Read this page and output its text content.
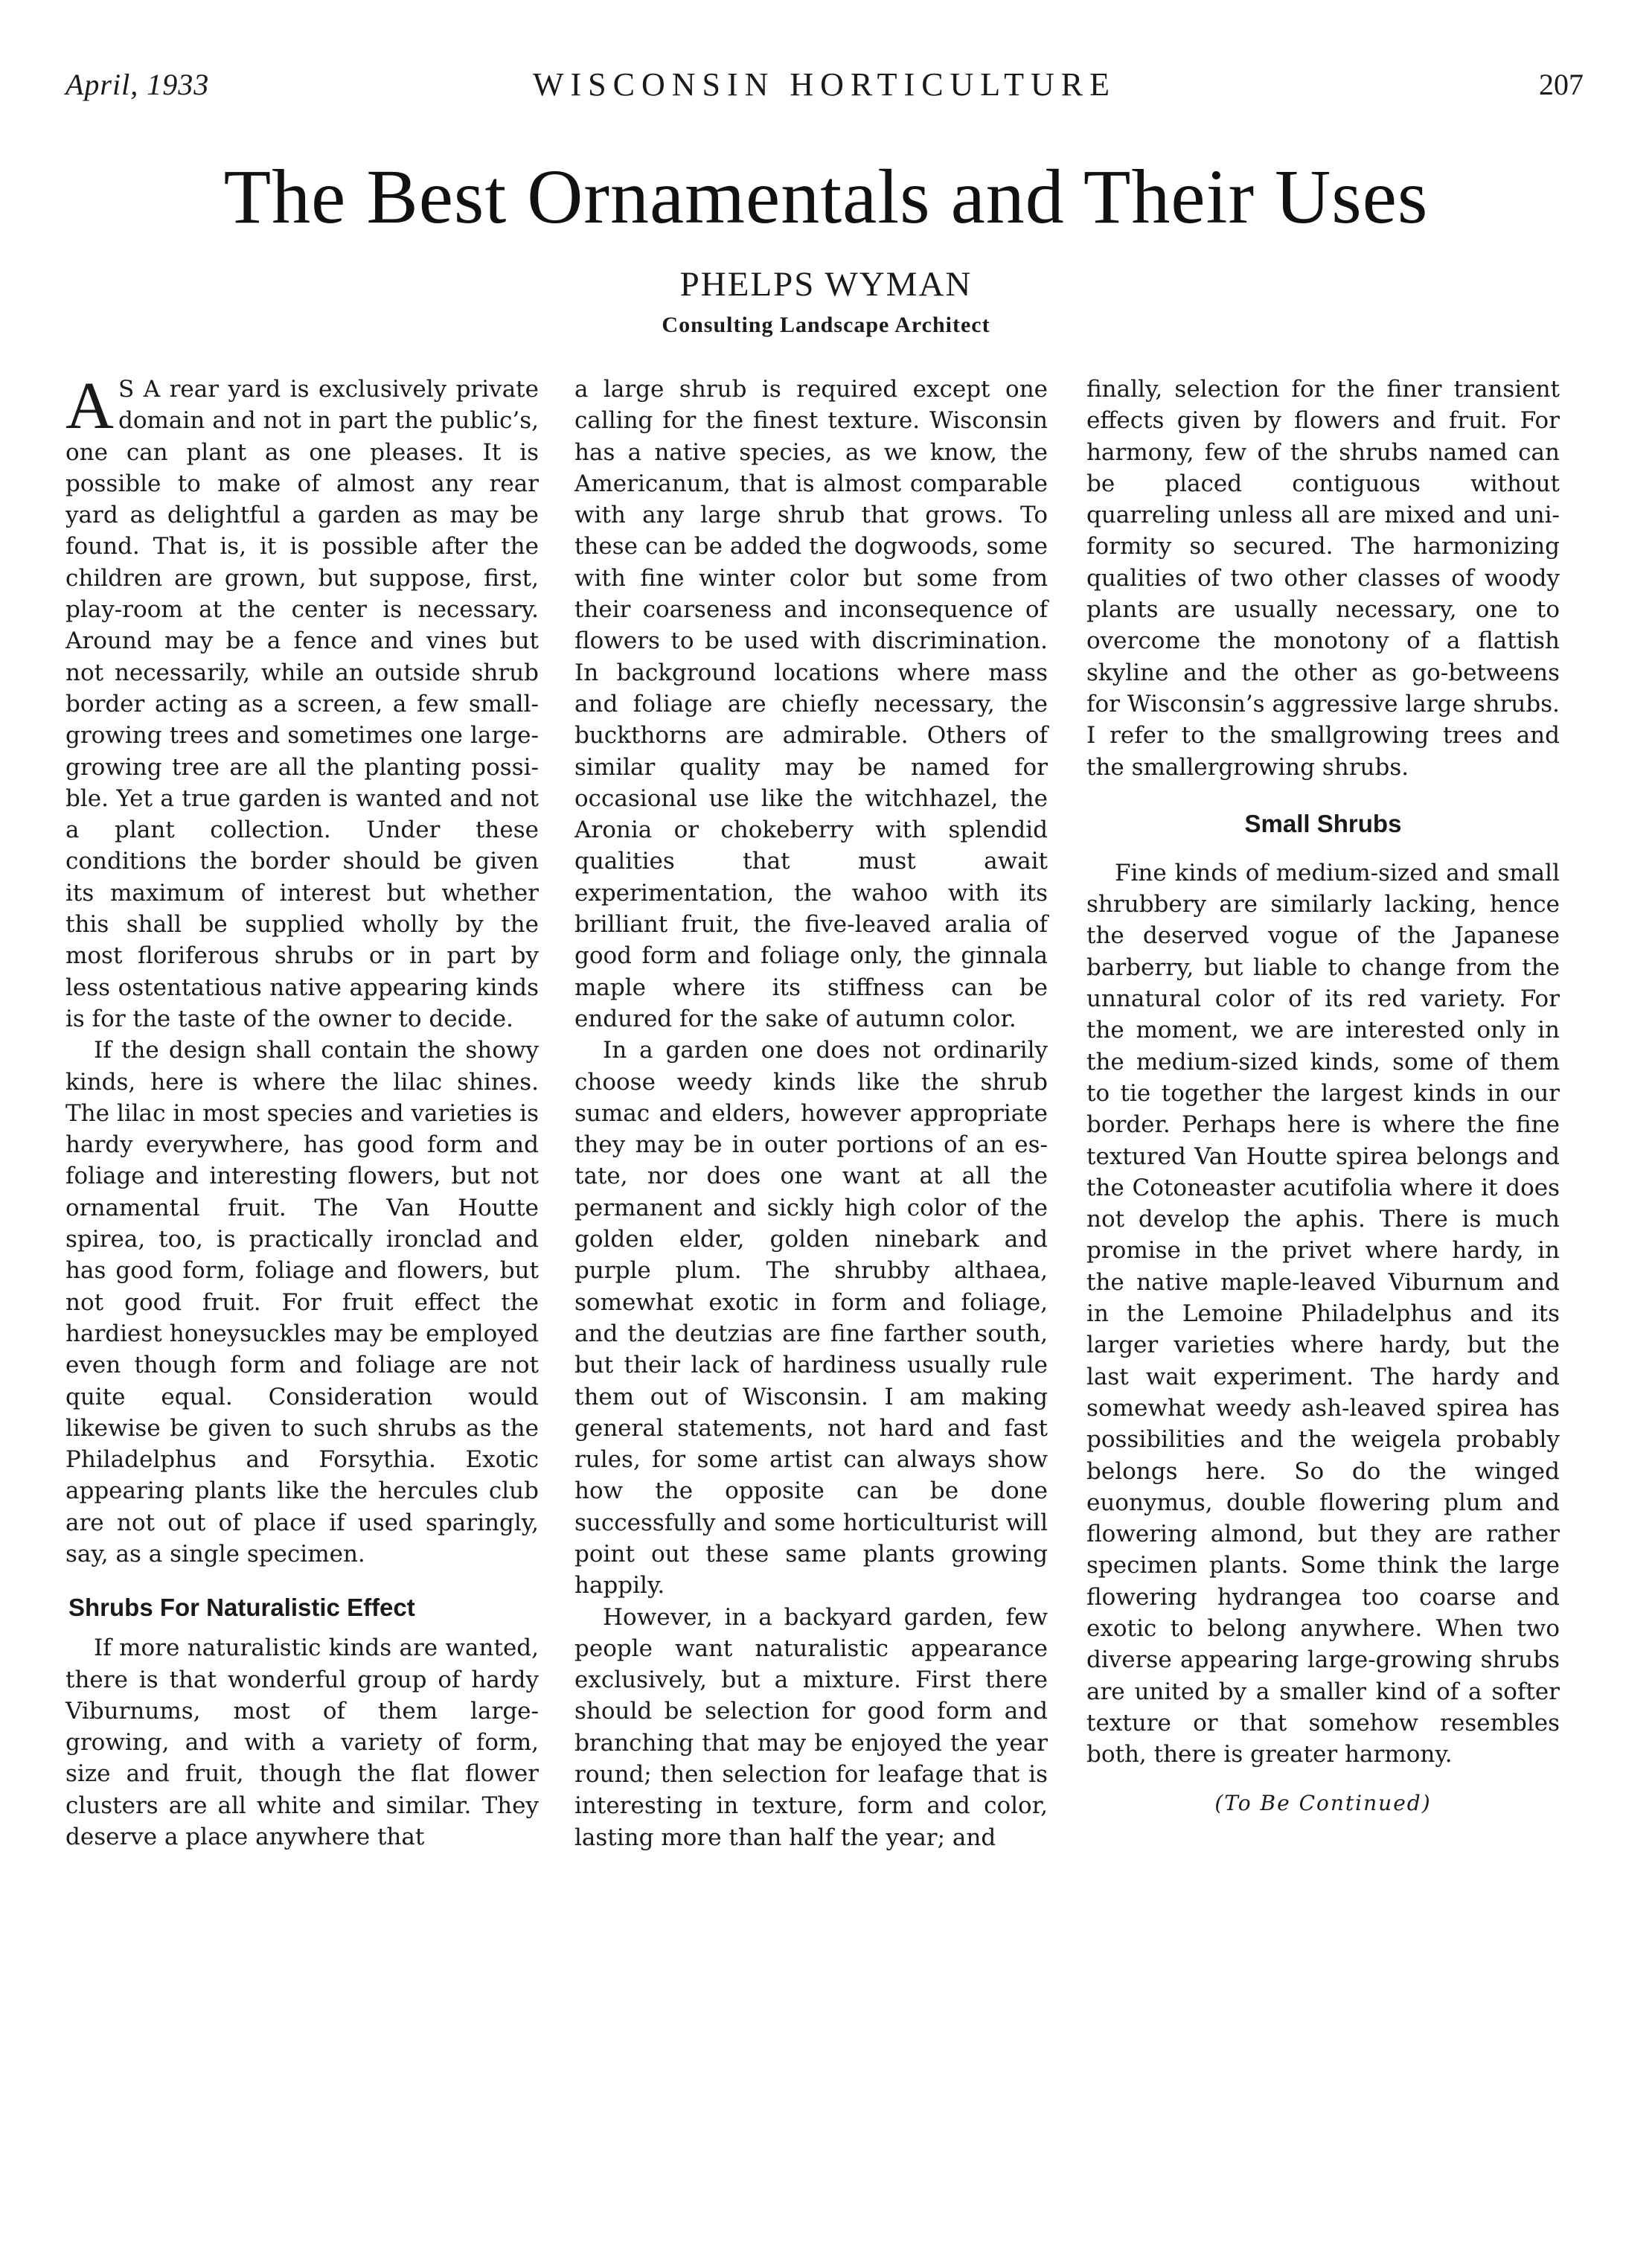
April, 1933	WISCONSIN HORTICULTURE	207
The Best Ornamentals and Their Uses
PHELPS WYMAN
Consulting Landscape Architect

A S A rear yard is exclusively private domain and not in part the public’s, one can plant as one pleases. It is possible to make of almost any rear yard as delightful a garden as may be found. That is, it is possible after the children are grown, but suppose, first, play-room at the center is necessary. Around may be a fence and vines but not necessarily, while an outside shrub border acting as a screen, a few small-growing trees and sometimes one large-growing tree are all the planting possible. Yet a true garden is wanted and not a plant collection. Under these conditions the border should be given its maximum of interest but whether this shall be supplied wholly by the most floriferous shrubs or in part by less ostentatious native appearing kinds is for the taste of the owner to decide.

If the design shall contain the showy kinds, here is where the lilac shines. The lilac in most species and varieties is hardy everywhere, has good form and foliage and interesting flowers, but not ornamental fruit. The Van Houtte spirea, too, is practically ironclad and has good form, foliage and flowers, but not good fruit. For fruit effect the hardiest honeysuckles may be employed even though form and foliage are not quite equal. Consideration would likewise be given to such shrubs as the Philadelphus and Forsythia. Exotic appearing plants like the hercules club are not out of place if used sparingly, say, as a single specimen.

Shrubs For Naturalistic Effect

If more naturalistic kinds are wanted, there is that wonderful group of hardy Viburnums, most of them large-growing, and with a variety of form, size and fruit, though the flat flower clusters are all white and similar. They deserve a place anywhere that

a large shrub is required except one calling for the finest texture. Wisconsin has a native species, as we know, the Americanum, that is almost comparable with any large shrub that grows. To these can be added the dogwoods, some with fine winter color but some from their coarseness and inconsequence of flowers to be used with discrimination. In background locations where mass and foliage are chiefly necessary, the buckthorns are admirable. Others of similar quality may be named for occasional use like the witchhazel, the Aronia or chokeberry with splendid qualities that must await experimentation, the wahoo with its brilliant fruit, the five-leaved aralia of good form and foliage only, the ginnala maple where its stiffness can be endured for the sake of autumn color.

In a garden one does not ordinarily choose weedy kinds like the shrub sumac and elders, however appropriate they may be in outer portions of an estate, nor does one want at all the permanent and sickly high color of the golden elder, golden ninebark and purple plum. The shrubby althaea, somewhat exotic in form and foliage, and the deutzias are fine farther south, but their lack of hardiness usually rule them out of Wisconsin. I am making general statements, not hard and fast rules, for some artist can always show how the opposite can be done successfully and some horticulturist will point out these same plants growing happily.

However, in a backyard garden, few people want naturalistic appearance exclusively, but a mixture. First there should be selection for good form and branching that may be enjoyed the year round; then selection for leafage that is interesting in texture, form and color, lasting more than half the year; and

finally, selection for the finer transient effects given by flowers and fruit. For harmony, few of the shrubs named can be placed contiguous without quarreling unless all are mixed and uniformity so secured. The harmonizing qualities of two other classes of woody plants are usually necessary, one to overcome the monotony of a flattish skyline and the other as go-betweens for Wisconsin’s aggressive large shrubs. I refer to the smallgrowing trees and the smallergrowing shrubs.

Small Shrubs

Fine kinds of medium-sized and small shrubbery are similarly lacking, hence the deserved vogue of the Japanese barberry, but liable to change from the unnatural color of its red variety. For the moment, we are interested only in the medium-sized kinds, some of them to tie together the largest kinds in our border. Perhaps here is where the fine textured Van Houtte spirea belongs and the Cotoneaster acutifolia where it does not develop the aphis. There is much promise in the privet where hardy, in the native maple-leaved Viburnum and in the Lemoine Philadelphus and its larger varieties where hardy, but the last wait experiment. The hardy and somewhat weedy ash-leaved spirea has possibilities and the weigela probably belongs here. So do the winged euonymus, double flowering plum and flowering almond, but they are rather specimen plants. Some think the large flowering hydrangea too coarse and exotic to belong anywhere. When two diverse appearing large-growing shrubs are united by a smaller kind of a softer texture or that somehow resembles both, there is greater harmony.

(To Be Continued)
